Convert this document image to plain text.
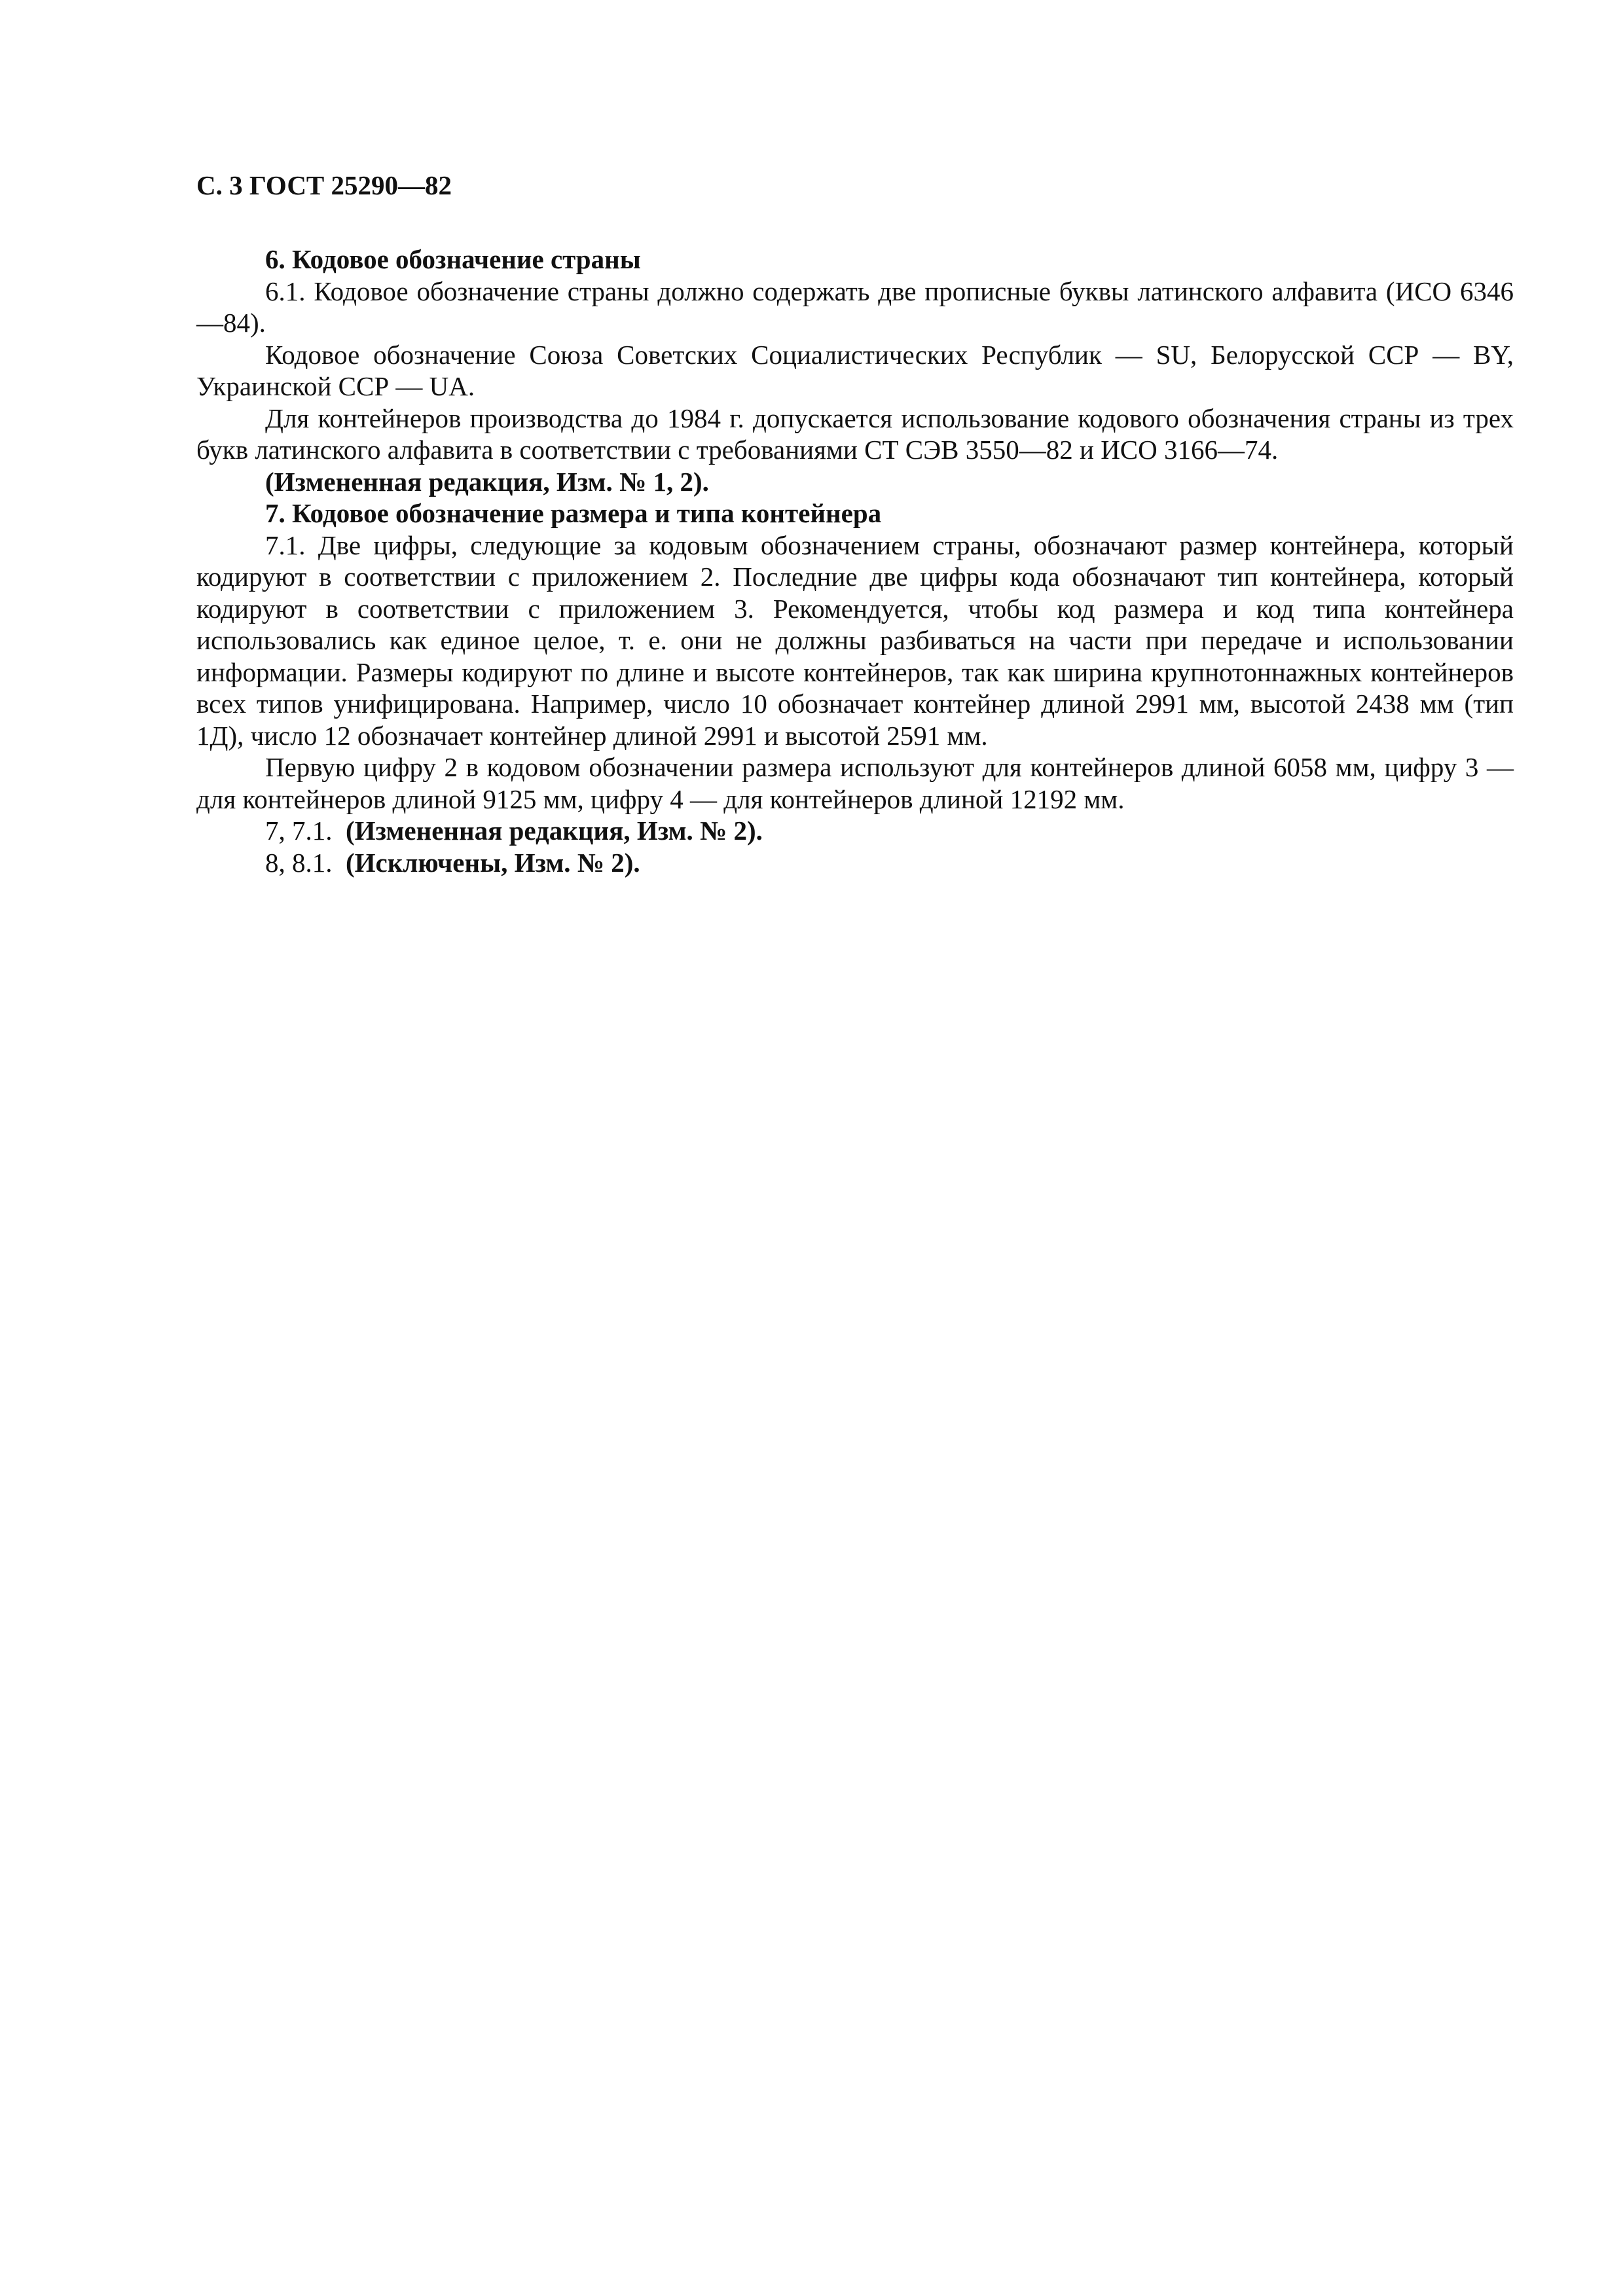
С. 3 ГОСТ 25290—82

6. Кодовое обозначение страны

6.1. Кодовое обозначение страны должно содержать две прописные буквы латинского алфавита (ИСО 6346—84).

Кодовое обозначение Союза Советских Социалистических Республик — SU, Белорусской ССР — BY, Украинской ССР — UA.

Для контейнеров производства до 1984 г. допускается использование кодового обозначения страны из трех букв латинского алфавита в соответствии с требованиями СТ СЭВ 3550—82 и ИСО 3166—74.

(Измененная редакция, Изм. № 1, 2).

7. Кодовое обозначение размера и типа контейнера

7.1. Две цифры, следующие за кодовым обозначением страны, обозначают размер контейнера, который кодируют в соответствии с приложением 2. Последние две цифры кода обозначают тип контейнера, который кодируют в соответствии с приложением 3. Рекомендуется, чтобы код размера и код типа контейнера использовались как единое целое, т. е. они не должны разбиваться на части при передаче и использовании информации. Размеры кодируют по длине и высоте контейнеров, так как ширина крупнотоннажных контейнеров всех типов унифицирована. Например, число 10 обозначает контейнер длиной 2991 мм, высотой 2438 мм (тип 1Д), число 12 обозначает контейнер длиной 2991 и высотой 2591 мм.

Первую цифру 2 в кодовом обозначении размера используют для контейнеров длиной 6058 мм, цифру 3 — для контейнеров длиной 9125 мм, цифру 4 — для контейнеров длиной 12192 мм.

7, 7.1. (Измененная редакция, Изм. № 2).

8, 8.1. (Исключены, Изм. № 2).
